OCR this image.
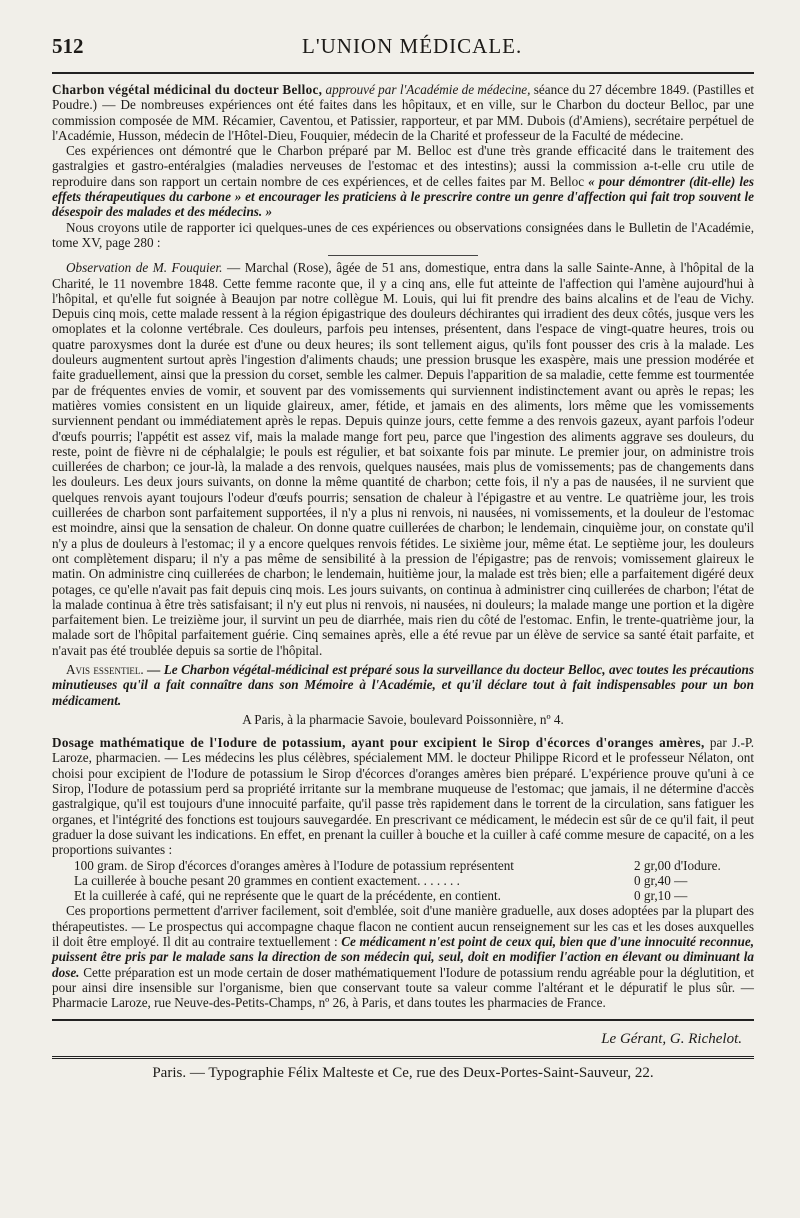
512	L'UNION MÉDICALE.

Charbon végétal médicinal du docteur Belloc, approuvé par l'Académie de médecine, séance du 27 décembre 1849. (Pastilles et Poudre.) — De nombreuses expériences ont été faites dans les hôpitaux, et en ville, sur le Charbon du docteur Belloc, par une commission composée de MM. Récamier, Caventou, et Patissier, rapporteur, et par MM. Dubois (d'Amiens), secrétaire perpétuel de l'Académie, Husson, médecin de l'Hôtel-Dieu, Fouquier, médecin de la Charité et professeur de la Faculté de médecine.

Ces expériences ont démontré que le Charbon préparé par M. Belloc est d'une très grande efficacité dans le traitement des gastralgies et gastro-entéralgies (maladies nerveuses de l'estomac et des intestins); aussi la commission a-t-elle cru utile de reproduire dans son rapport un certain nombre de ces expériences, et de celles faites par M. Belloc « pour démontrer (dit-elle) les effets thérapeutiques du carbone » et encourager les praticiens à le prescrire contre un genre d'affection qui fait trop souvent le désespoir des malades et des médecins. »

Nous croyons utile de rapporter ici quelques-unes de ces expériences ou observations consignées dans le Bulletin de l'Académie, tome XV, page 280 :

Observation de M. Fouquier. — Marchal (Rose), âgée de 51 ans, domestique, entra dans la salle Sainte-Anne, à l'hôpital de la Charité, le 11 novembre 1848. Cette femme raconte que, il y a cinq ans, elle fut atteinte de l'affection qui l'amène aujourd'hui à l'hôpital, et qu'elle fut soignée à Beaujon par notre collègue M. Louis, qui lui fit prendre des bains alcalins et de l'eau de Vichy. Depuis cinq mois, cette malade ressent à la région épigastrique des douleurs déchirantes qui irradient des deux côtés, jusque vers les omoplates et la colonne vertébrale. Ces douleurs, parfois peu intenses, présentent, dans l'espace de vingt-quatre heures, trois ou quatre paroxysmes dont la durée est d'une ou deux heures; ils sont tellement aigus, qu'ils font pousser des cris à la malade. Les douleurs augmentent surtout après l'ingestion d'aliments chauds; une pression brusque les exaspère, mais une pression modérée et faite graduellement, ainsi que la pression du corset, semble les calmer. Depuis l'apparition de sa maladie, cette femme est tourmentée par de fréquentes envies de vomir, et souvent par des vomissements qui surviennent indistinctement avant ou après le repas; les matières vomies consistent en un liquide glaireux, amer, fétide, et jamais en des aliments, lors même que les vomissements surviennent pendant ou immédiatement après le repas. Depuis quinze jours, cette femme a des renvois gazeux, ayant parfois l'odeur d'œufs pourris; l'appétit est assez vif, mais la malade mange fort peu, parce que l'ingestion des aliments aggrave ses douleurs, du reste, point de fièvre ni de céphalalgie; le pouls est régulier, et bat soixante fois par minute. Le premier jour, on administre trois cuillerées de charbon; ce jour-là, la malade a des renvois, quelques nausées, mais plus de vomissements; pas de changements dans les douleurs. Les deux jours suivants, on donne la même quantité de charbon; cette fois, il n'y a pas de nausées, il ne survient que quelques renvois ayant toujours l'odeur d'œufs pourris; sensation de chaleur à l'épigastre et au ventre. Le quatrième jour, les trois cuillerées de charbon sont parfaitement supportées, il n'y a plus ni renvois, ni nausées, ni vomissements, et la douleur de l'estomac est moindre, ainsi que la sensation de chaleur. On donne quatre cuillerées de charbon; le lendemain, cinquième jour, on constate qu'il n'y a plus de douleurs à l'estomac; il y a encore quelques renvois fétides. Le sixième jour, même état. Le septième jour, les douleurs ont complètement disparu; il n'y a pas même de sensibilité à la pression de l'épigastre; pas de renvois; vomissement glaireux le matin. On administre cinq cuillerées de charbon; le lendemain, huitième jour, la malade est très bien; elle a parfaitement digéré deux potages, ce qu'elle n'avait pas fait depuis cinq mois. Les jours suivants, on continua à administrer cinq cuillerées de charbon; l'état de la malade continua à être très satisfaisant; il n'y eut plus ni renvois, ni nausées, ni douleurs; la malade mange une portion et la digère parfaitement bien. Le treizième jour, il survint un peu de diarrhée, mais rien du côté de l'estomac. Enfin, le trente-quatrième jour, la malade sort de l'hôpital parfaitement guérie. Cinq semaines après, elle a été revue par un élève de service sa santé était parfaite, et n'avait pas été troublée depuis sa sortie de l'hôpital.

Avis essentiel. — Le Charbon végétal-médicinal est préparé sous la surveillance du docteur Belloc, avec toutes les précautions minutieuses qu'il a fait connaître dans son Mémoire à l'Académie, et qu'il déclare tout à fait indispensables pour un bon médicament.

A Paris, à la pharmacie Savoie, boulevard Poissonnière, nº 4.

Dosage mathématique de l'Iodure de potassium, ayant pour excipient le Sirop d'écorces d'oranges amères, par J.-P. Laroze, pharmacien. — Les médecins les plus célèbres, spécialement MM. le docteur Philippe Ricord et le professeur Nélaton, ont choisi pour excipient de l'Iodure de potassium le Sirop d'écorces d'oranges amères bien préparé. L'expérience prouve qu'uni à ce Sirop, l'Iodure de potassium perd sa propriété irritante sur la membrane muqueuse de l'estomac; que jamais, il ne détermine d'accès gastralgique, qu'il est toujours d'une innocuité parfaite, qu'il passe très rapidement dans le torrent de la circulation, sans fatiguer les organes, et l'intégrité des fonctions est toujours sauvegardée. En prescrivant ce médicament, le médecin est sûr de ce qu'il fait, il peut graduer la dose suivant les indications. En effet, en prenant la cuiller à bouche et la cuiller à café comme mesure de capacité, on a les proportions suivantes :

100 gram. de Sirop d'écorces d'oranges amères à l'Iodure de potassium représentent	2 gr,00 d'Iodure.
La cuillerée à bouche pesant 20 grammes en contient exactement. . . . . . .	0 gr,40 —
Et la cuillerée à café, qui ne représente que le quart de la précédente, en contient.	0 gr,10 —

Ces proportions permettent d'arriver facilement, soit d'emblée, soit d'une manière graduelle, aux doses adoptées par la plupart des thérapeutistes. — Le prospectus qui accompagne chaque flacon ne contient aucun renseignement sur les cas et les doses auxquelles il doit être employé. Il dit au contraire textuellement : Ce médicament n'est point de ceux qui, bien que d'une innocuité reconnue, puissent être pris par le malade sans la direction de son médecin qui, seul, doit en modifier l'action en élevant ou diminuant la dose. Cette préparation est un mode certain de doser mathématiquement l'Iodure de potassium rendu agréable pour la déglutition, et pour ainsi dire insensible sur l'organisme, bien que conservant toute sa valeur comme l'altérant et le dépuratif le plus sûr. — Pharmacie Laroze, rue Neuve-des-Petits-Champs, nº 26, à Paris, et dans toutes les pharmacies de France.

Le Gérant, G. Richelot.
Paris. — Typographie Félix Malteste et Ce, rue des Deux-Portes-Saint-Sauveur, 22.
